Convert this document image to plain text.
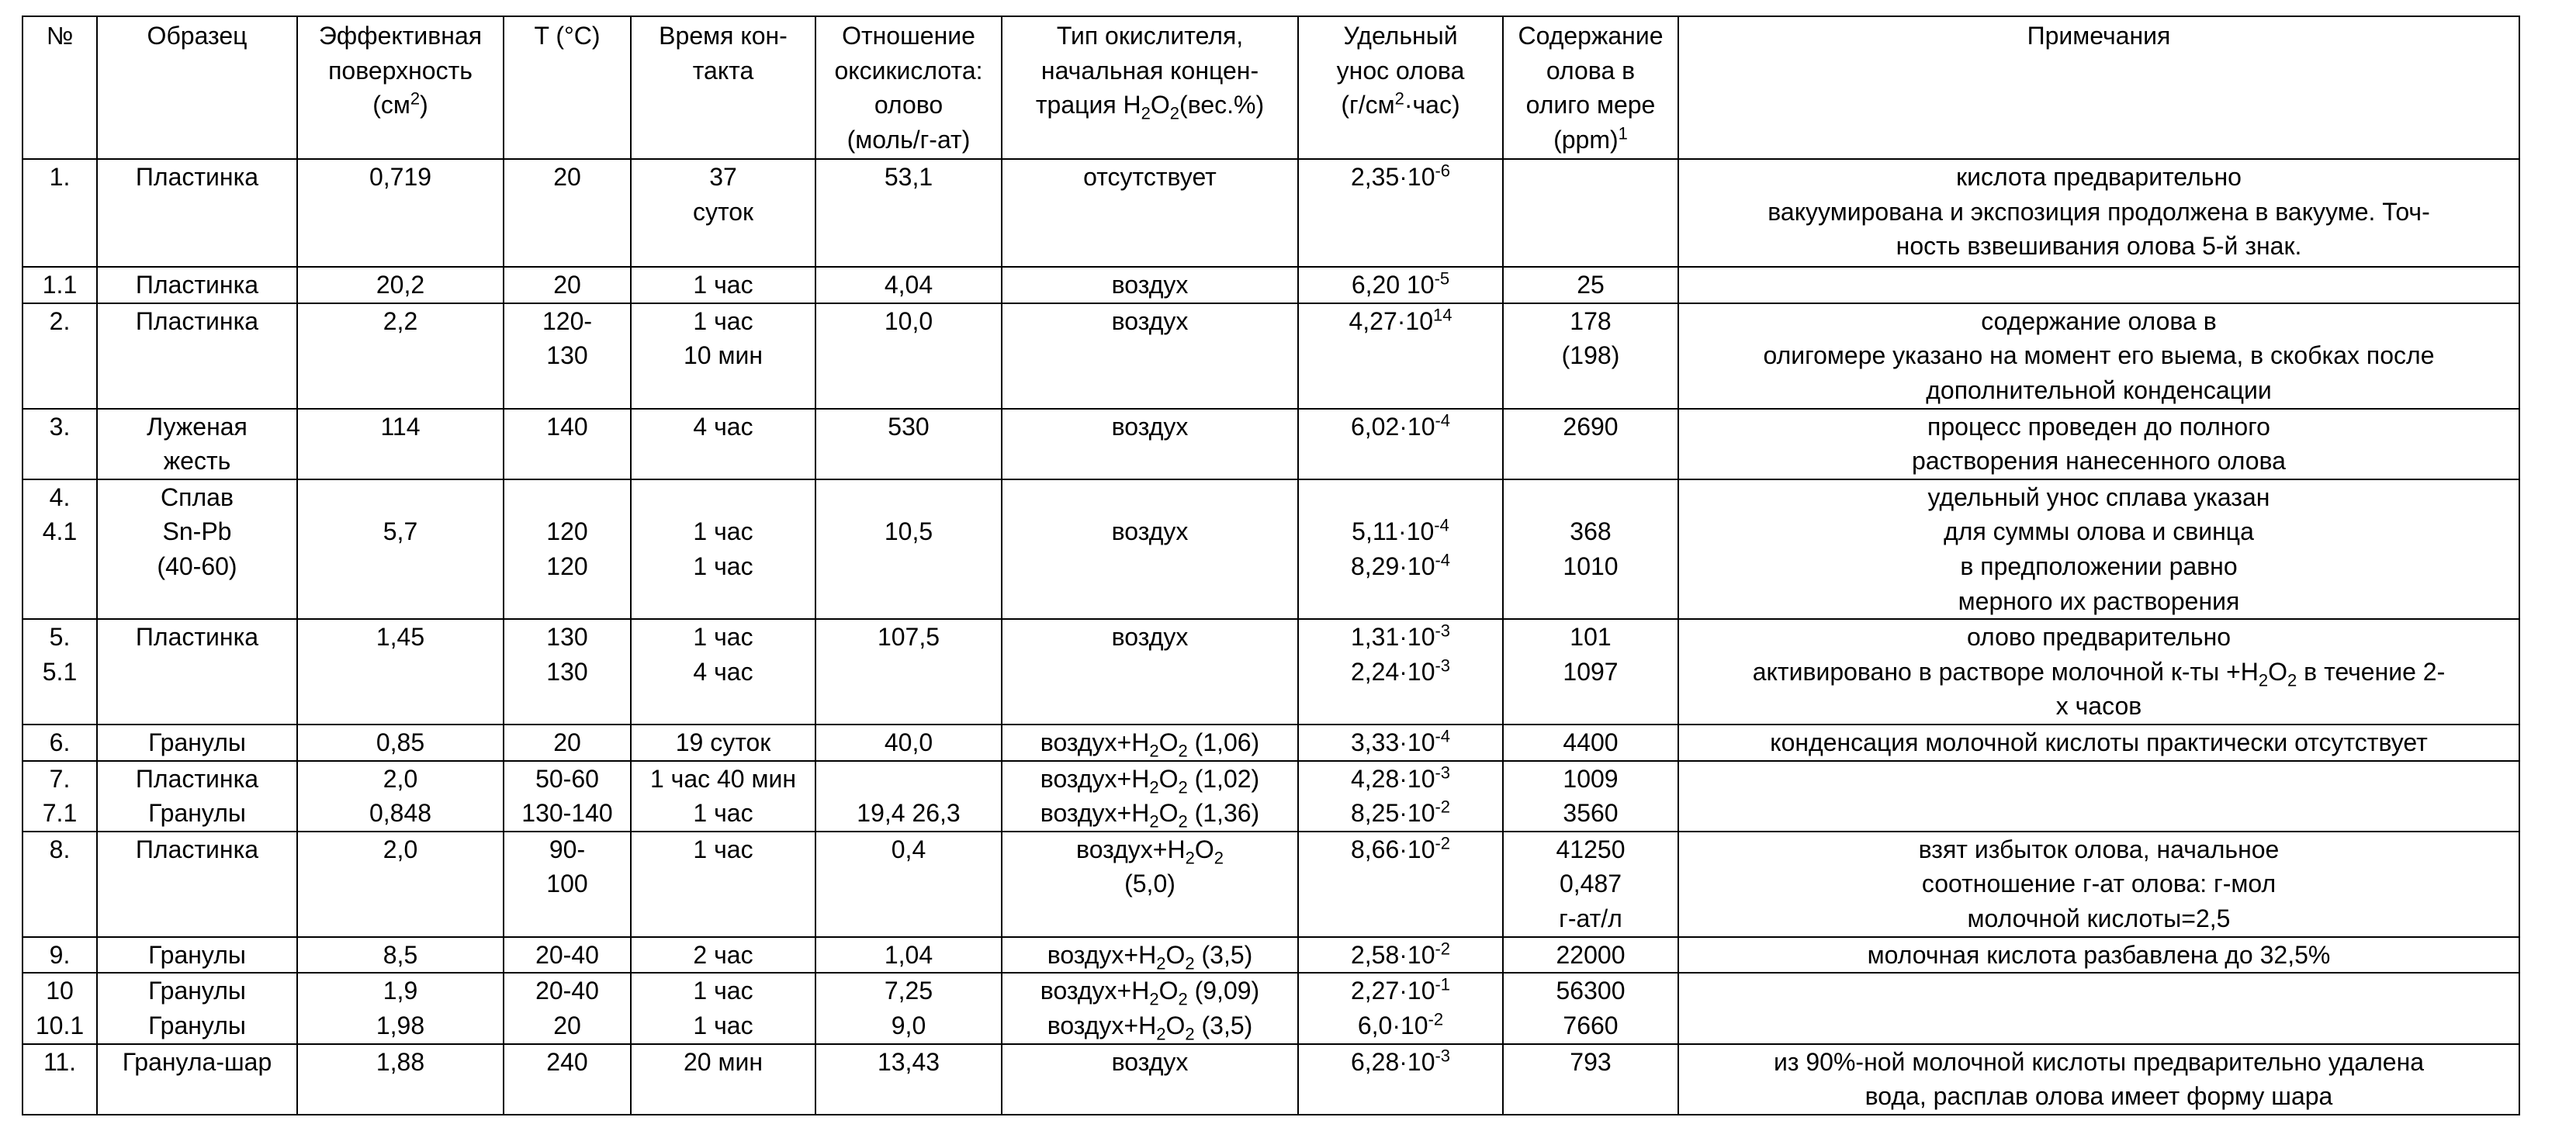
№	Образец	Эффективная
поверхность
(см2)

T (°C)	Время кон-
такта

Отношение
оксикислота:
олово
(моль/г-ат)

Тип окислителя,
начальная концен-
трация H2O2(вес.%)

Удельный
унос олова
(г/см2·час)

Содержание
олова в
олиго мере
(ppm)1

Примечания

1.	Пластинка	0,719	20	37
суток

53,1	отсутствует	2,35·10-6		кислота предварительно
вакуумирована и экспозиция продолжена в вакууме. Точ-
ность взвешивания олова 5-й знак.

1.1	Пластинка	20,2	20	1 час	4,04	воздух	6,20 10-5	25

2.	Пластинка	2,2	120-
130

1 час
10 мин

10,0	воздух	4,27·1014	178
(198)

содержание олова в
олигомере указано на момент его выема, в скобках после
дополнительной конденсации

3.	Луженая
жесть

114	140	4 час	530	воздух	6,02·10-4	2690	процесс проведен до полного
растворения нанесенного олова

4.
4.1

Сплав
Sn-Pb
(40-60)

5,7	120
120

1 час
1 час

10,5	воздух	5,11·10-4
8,29·10-4

368
1010

удельный унос сплава указан
для суммы олова и свинца
в предположении равно
мерного их растворения

5.
5.1

Пластинка	1,45	130
130

1 час
4 час

107,5	воздух	1,31·10-3
2,24·10-3

101
1097

олово предварительно
активировано в растворе молочной к-ты +H2O2 в течение 2-
х часов

6.	Гранулы	0,85	20	19 суток	40,0	воздух+H2O2 (1,06)	3,33·10-4	4400	конденсация молочной кислоты практически отсутствует

7.
7.1

Пластинка
Гранулы

2,0
0,848

50-60
130-140

1 час 40 мин
1 час	19,4 26,3

воздух+H2O2 (1,02)
воздух+H2O2 (1,36)

4,28·10-3
8,25·10-2

1009
3560

8.	Пластинка	2,0	90-
100

1 час	0,4	воздух+H2O2
(5,0)

8,66·10-2	41250
0,487
г-ат/л

взят избыток олова, начальное
соотношение г-ат олова: г-мол
молочной кислоты=2,5

9.	Гранулы	8,5	20-40	2 час	1,04	воздух+H2O2 (3,5)	2,58·10-2	22000	молочная кислота разбавлена до 32,5%

10
10.1

Гранулы
Гранулы

1,9
1,98

20-40
20

1 час
1 час

7,25
9,0

воздух+H2O2 (9,09)
воздух+H2O2 (3,5)

2,27·10-1
6,0·10-2

56300
7660

11.	Гранула-шар	1,88	240	20 мин	13,43	воздух	6,28·10-3	793	из 90%-ной молочной кислоты предварительно удалена
вода, расплав олова имеет форму шара
